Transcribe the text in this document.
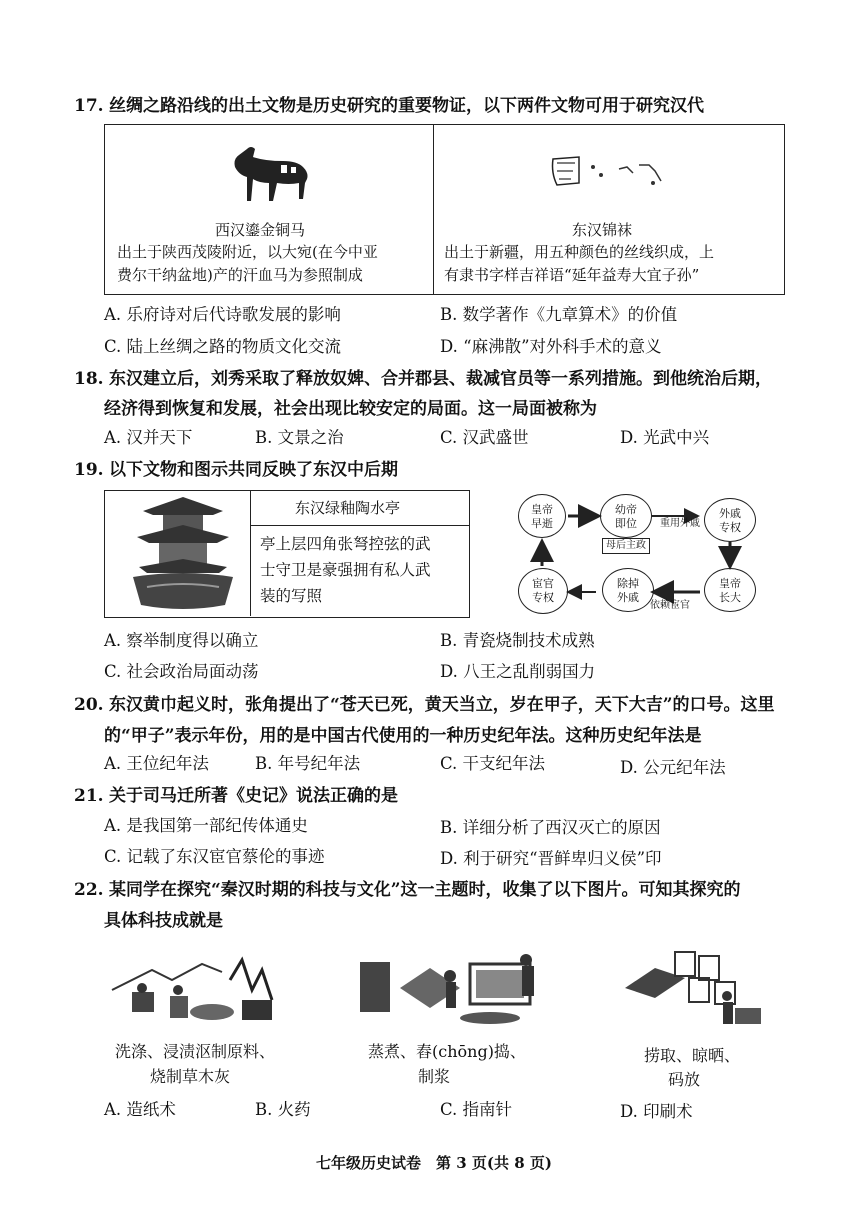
17. 丝绸之路沿线的出土文物是历史研究的重要物证，以下两件文物可用于研究汉代
西汉鎏金铜马
出土于陕西茂陵附近，以大宛(在今中亚
费尔干纳盆地)产的汗血马为参照制成
东汉锦袜
出土于新疆，用五种颜色的丝线织成，上
有隶书字样吉祥语“延年益寿大宜子孙”
A. 乐府诗对后代诗歌发展的影响	B. 数学著作《九章算术》的价值
C. 陆上丝绸之路的物质文化交流	D. “麻沸散”对外科手术的意义
18. 东汉建立后，刘秀采取了释放奴婢、合并郡县、裁减官员等一系列措施。到他统治后期，
经济得到恢复和发展，社会出现比较安定的局面。这一局面被称为
A. 汉并天下	B. 文景之治	C. 汉武盛世	D. 光武中兴
19. 以下文物和图示共同反映了东汉中后期
东汉绿釉陶水亭
亭上层四角张弩控弦的武
士守卫是豪强拥有私人武
装的写照
皇帝
早逝
幼帝
即位
外戚
专权
皇帝
长大
除掉
外戚
宦官
专权
母后主政
重用外戚
依赖宦官
A. 察举制度得以确立	B. 青瓷烧制技术成熟
C. 社会政治局面动荡	D. 八王之乱削弱国力
20. 东汉黄巾起义时，张角提出了“苍天已死，黄天当立，岁在甲子，天下大吉”的口号。这里
的“甲子”表示年份，用的是中国古代使用的一种历史纪年法。这种历史纪年法是
A. 王位纪年法	B. 年号纪年法	C. 干支纪年法	D. 公元纪年法
21. 关于司马迁所著《史记》说法正确的是
A. 是我国第一部纪传体通史	B. 详细分析了西汉灭亡的原因
C. 记载了东汉宦官蔡伦的事迹	D. 利于研究“晋鲜卑归义侯”印
22. 某同学在探究“秦汉时期的科技与文化”这一主题时，收集了以下图片。可知其探究的
具体科技成就是
洗涤、浸渍沤制原料、
烧制草木灰
蒸煮、舂(chōng)捣、
制浆
捞取、晾晒、
码放
A. 造纸术	B. 火药	C. 指南针	D. 印刷术
七年级历史试卷　第 3 页(共 8 页)
